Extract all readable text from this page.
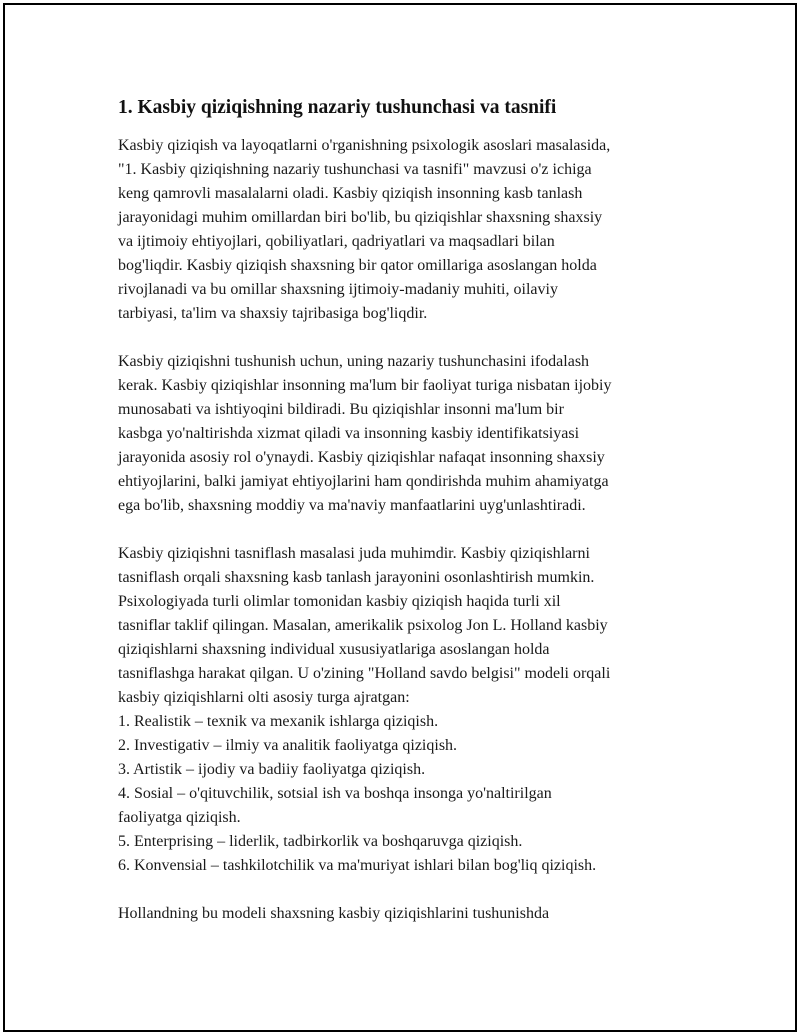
1. Kasbiy qiziqishning nazariy tushunchasi va tasnifi

Kasbiy qiziqish va layoqatlarni o'rganishning psixologik asoslari masalasida,
"1. Kasbiy qiziqishning nazariy tushunchasi va tasnifi" mavzusi o'z ichiga
keng qamrovli masalalarni oladi. Kasbiy qiziqish insonning kasb tanlash
jarayonidagi muhim omillardan biri bo'lib, bu qiziqishlar shaxsning shaxsiy
va ijtimoiy ehtiyojlari, qobiliyatlari, qadriyatlari va maqsadlari bilan
bog'liqdir. Kasbiy qiziqish shaxsning bir qator omillariga asoslangan holda
rivojlanadi va bu omillar shaxsning ijtimoiy-madaniy muhiti, oilaviy
tarbiyasi, ta'lim va shaxsiy tajribasiga bog'liqdir.

Kasbiy qiziqishni tushunish uchun, uning nazariy tushunchasini ifodalash
kerak. Kasbiy qiziqishlar insonning ma'lum bir faoliyat turiga nisbatan ijobiy
munosabati va ishtiyoqini bildiradi. Bu qiziqishlar insonni ma'lum bir
kasbga yo'naltirishda xizmat qiladi va insonning kasbiy identifikatsiyasi
jarayonida asosiy rol o'ynaydi. Kasbiy qiziqishlar nafaqat insonning shaxsiy
ehtiyojlarini, balki jamiyat ehtiyojlarini ham qondirishda muhim ahamiyatga
ega bo'lib, shaxsning moddiy va ma'naviy manfaatlarini uyg'unlashtiradi.

Kasbiy qiziqishni tasniflash masalasi juda muhimdir. Kasbiy qiziqishlarni
tasniflash orqali shaxsning kasb tanlash jarayonini osonlashtirish mumkin.
Psixologiyada turli olimlar tomonidan kasbiy qiziqish haqida turli xil
tasniflar taklif qilingan. Masalan, amerikalik psixolog Jon L. Holland kasbiy
qiziqishlarni shaxsning individual xususiyatlariga asoslangan holda
tasniflashga harakat qilgan. U o'zining "Holland savdo belgisi" modeli orqali
kasbiy qiziqishlarni olti asosiy turga ajratgan:
1. Realistik – texnik va mexanik ishlarga qiziqish.
2. Investigativ – ilmiy va analitik faoliyatga qiziqish.
3. Artistik – ijodiy va badiiy faoliyatga qiziqish.
4. Sosial – o'qituvchilik, sotsial ish va boshqa insonga yo'naltirilgan
faoliyatga qiziqish.
5. Enterprising – liderlik, tadbirkorlik va boshqaruvga qiziqish.
6. Konvensial – tashkilotchilik va ma'muriyat ishlari bilan bog'liq qiziqish.

Hollandning bu modeli shaxsning kasbiy qiziqishlarini tushunishda
